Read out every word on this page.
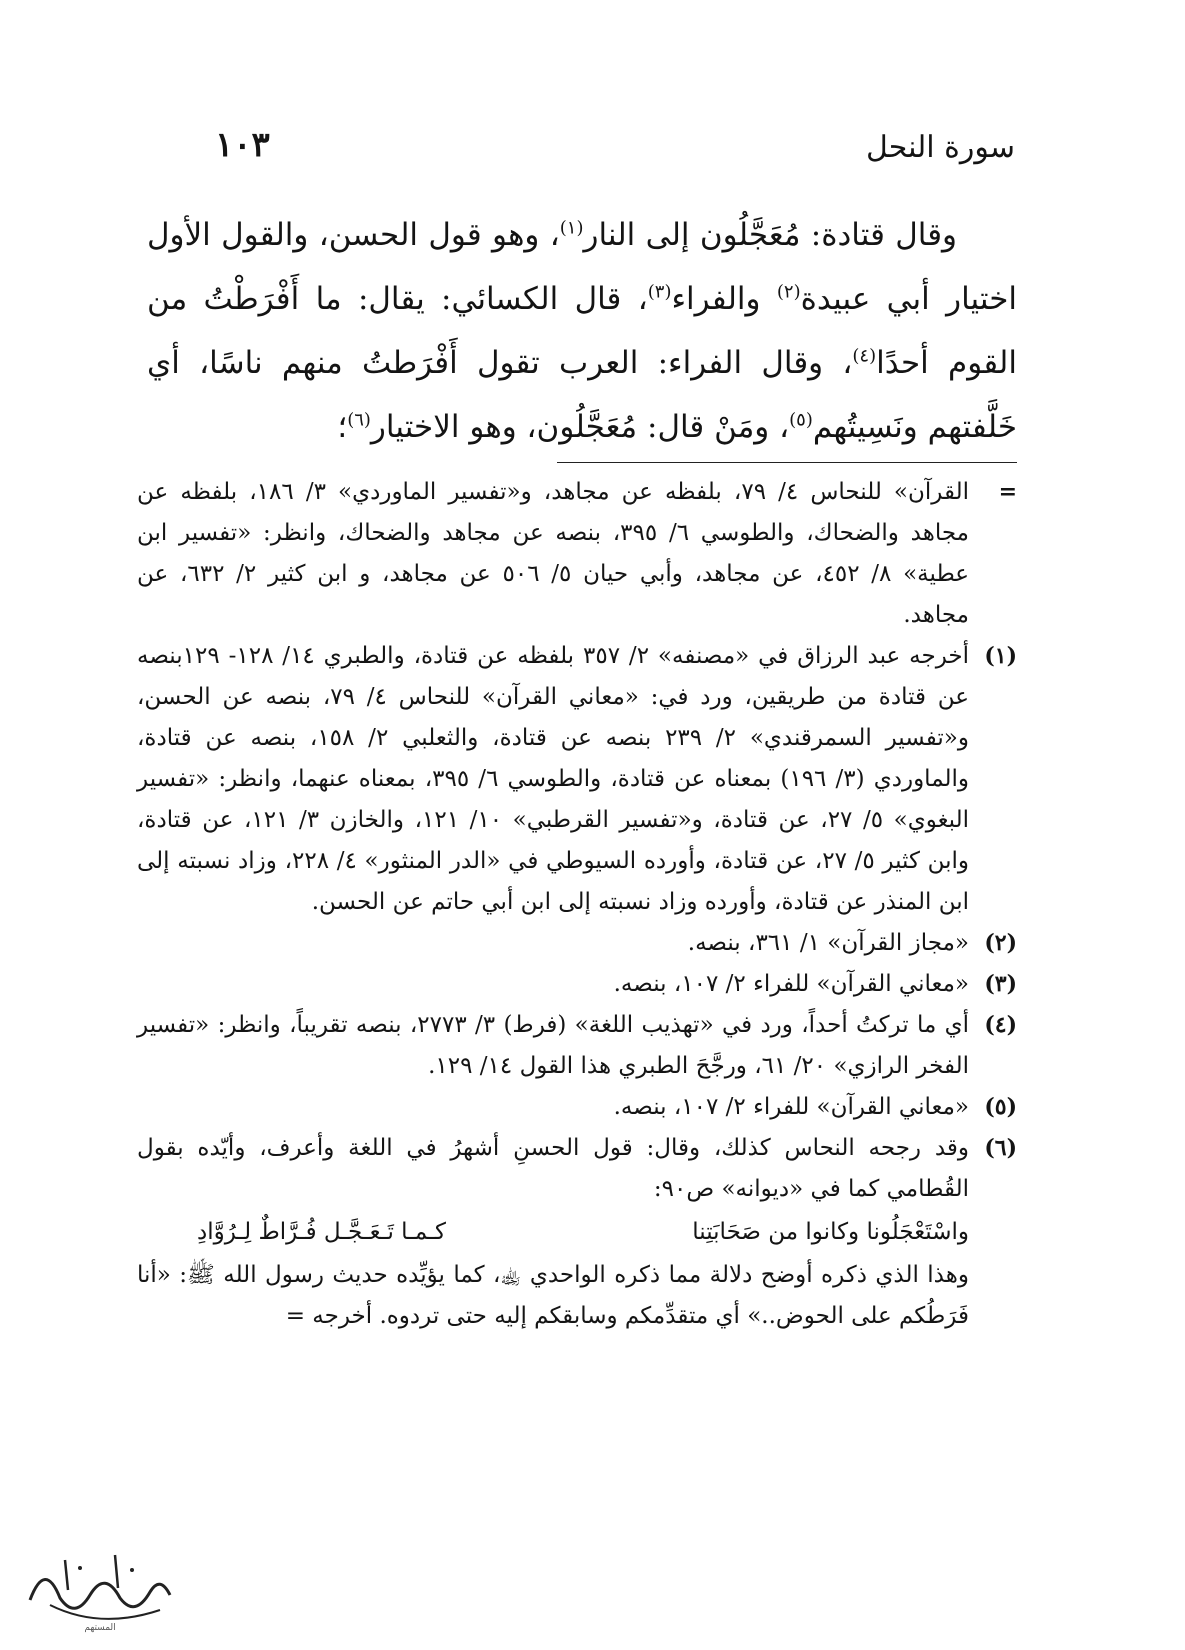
سورة النحل
١٠٣

وقال قتادة: مُعَجَّلُون إلى النار$^{(١)}$، وهو قول الحسن، والقول الأول اختيار أبي عبيدة$^{(٢)}$ والفراء$^{(٣)}$، قال الكسائي: يقال: ما أَفْرَطْتُ من القوم أحدًا$^{(٤)}$، وقال الفراء: العرب تقول أَفْرَطتُ منهم ناسًا، أي خَلَّفتهم ونَسِيتُهم$^{(٥)}$، ومَنْ قال: مُعَجَّلُون، وهو الاختيار$^{(٦)}$؛

=
القرآن» للنحاس ٤/ ٧٩، بلفظه عن مجاهد، و«تفسير الماوردي» ٣/ ١٨٦، بلفظه عن مجاهد والضحاك، والطوسي ٦/ ٣٩٥، بنصه عن مجاهد والضحاك، وانظر: «تفسير ابن عطية» ٨/ ٤٥٢، عن مجاهد، وأبي حيان ٥/ ٥٠٦ عن مجاهد، و ابن كثير ٢/ ٦٣٢، عن مجاهد.
(١)
أخرجه عبد الرزاق في «مصنفه» ٢/ ٣٥٧ بلفظه عن قتادة، والطبري ١٤/ ١٢٨- ١٢٩بنصه عن قتادة من طريقين، ورد في: «معاني القرآن» للنحاس ٤/ ٧٩، بنصه عن الحسن، و«تفسير السمرقندي» ٢/ ٢٣٩ بنصه عن قتادة، والثعلبي ٢/ ١٥٨، بنصه عن قتادة، والماوردي (٣/ ١٩٦) بمعناه عن قتادة، والطوسي ٦/ ٣٩٥، بمعناه عنهما، وانظر: «تفسير البغوي» ٥/ ٢٧، عن قتادة، و«تفسير القرطبي» ١٠/ ١٢١، والخازن ٣/ ١٢١، عن قتادة، وابن كثير ٥/ ٢٧، عن قتادة، وأورده السيوطي في «الدر المنثور» ٤/ ٢٢٨، وزاد نسبته إلى ابن المنذر عن قتادة، وأورده وزاد نسبته إلى ابن أبي حاتم عن الحسن.
(٢)
«مجاز القرآن» ١/ ٣٦١، بنصه.
(٣)
«معاني القرآن» للفراء ٢/ ١٠٧، بنصه.
(٤)
أي ما تركتُ أحداً، ورد في «تهذيب اللغة» (فرط) ٣/ ٢٧٧٣، بنصه تقريباً، وانظر: «تفسير الفخر الرازي» ٢٠/ ٦١، ورجَّحَ الطبري هذا القول ١٤/ ١٢٩.
(٥)
«معاني القرآن» للفراء ٢/ ١٠٧، بنصه.
(٦)
وقد رجحه النحاس كذلك، وقال: قول الحسنِ أشهرُ في اللغة وأعرف، وأيّده بقول القُطامي كما في «ديوانه» ص٩٠:
واسْتَعْجَلُونا وكانوا من صَحَابَتِنا
كـمـا تَـعَـجَّـل فُـرَّاطٌ لِـرُوَّادِ
وهذا الذي ذكره أوضح دلالة مما ذكره الواحدي ﵀، كما يؤيِّده حديث رسول الله ﷺ: «أنا فَرَطُكم على الحوض..» أي متقدِّمكم وسابقكم إليه حتى تردوه. أخرجه =
المستهم
